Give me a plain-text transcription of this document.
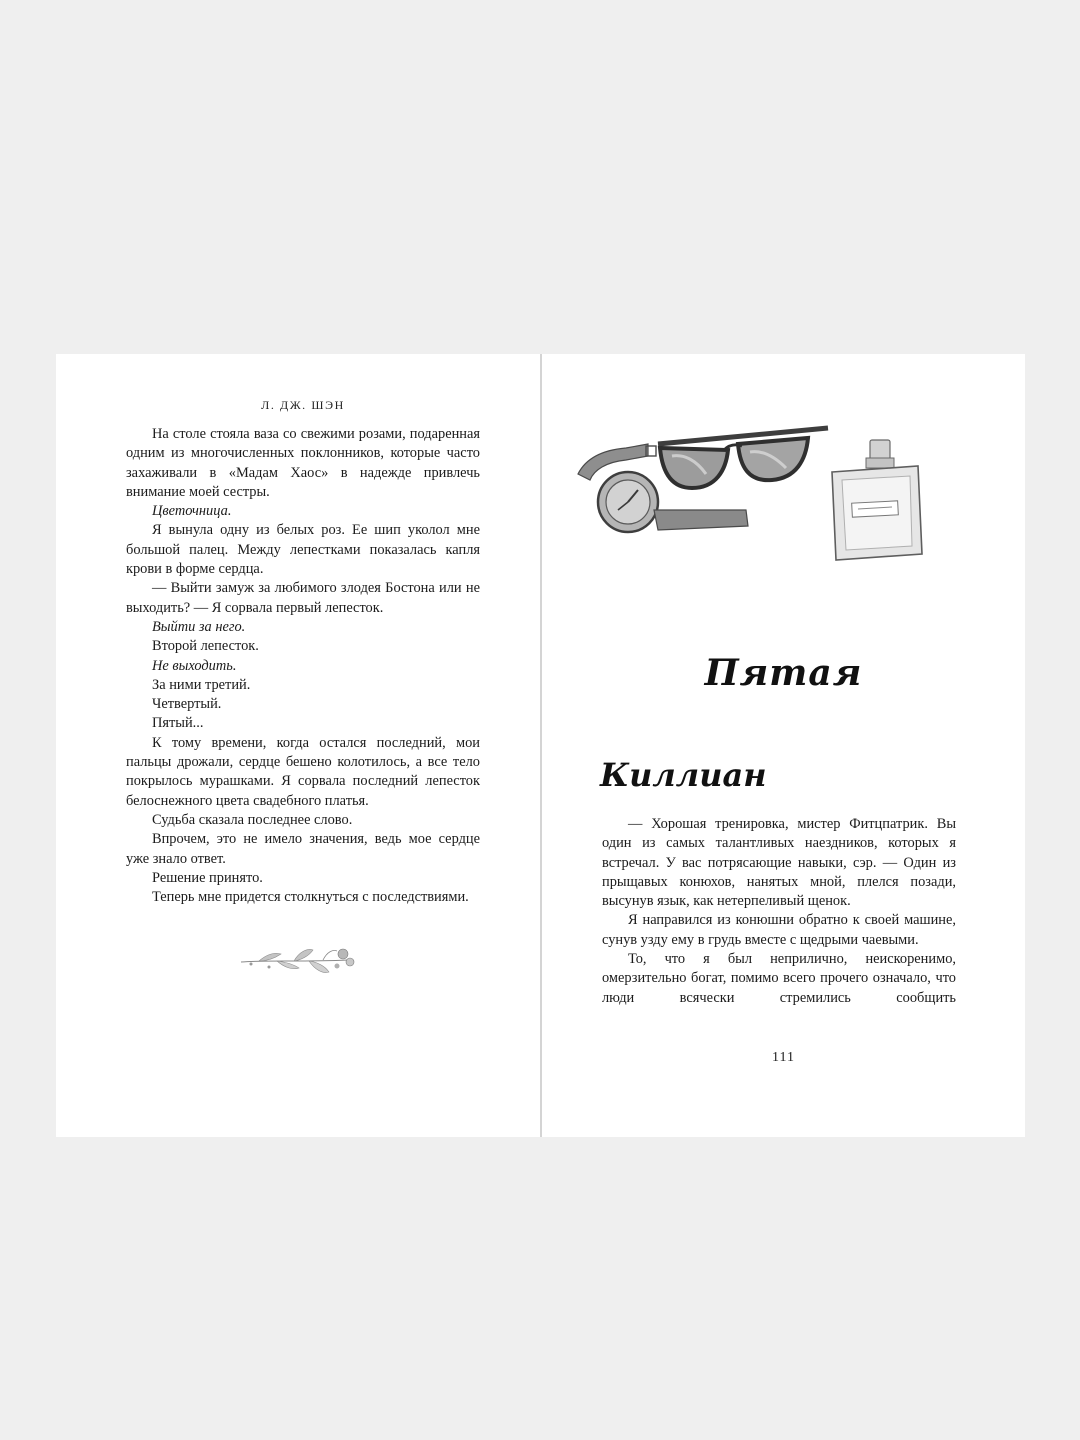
Л. ДЖ. ШЭН

На столе стояла ваза со свежими розами, подаренная одним из многочисленных поклонников, которые часто захаживали в «Мадам Хаос» в надежде привлечь внимание моей сестры.

Цветочница.

Я вынула одну из белых роз. Ее шип уколол мне большой палец. Между лепестками показалась капля крови в форме сердца.

— Выйти замуж за любимого злодея Бостона или не выходить? — Я сорвала первый лепесток.

Выйти за него.

Второй лепесток.

Не выходить.

За ними третий.

Четвертый.

Пятый...

К тому времени, когда остался последний, мои пальцы дрожали, сердце бешено колотилось, а все тело покрылось мурашками. Я сорвала последний лепесток белоснежного цвета свадебного платья.

Судьба сказала последнее слово.

Впрочем, это не имело значения, ведь мое сердце уже знало ответ.

Решение принято.

Теперь мне придется столкнуться с последствиями.

Пятая
Киллиан

— Хорошая тренировка, мистер Фитцпатрик. Вы один из самых талантливых наездников, которых я встречал. У вас потрясающие навыки, сэр. — Один из прыщавых конюхов, нанятых мной, плелся позади, высунув язык, как нетерпеливый щенок.

Я направился из конюшни обратно к своей машине, сунув узду ему в грудь вместе с щедрыми чаевыми.

То, что я был неприлично, неискоренимо, омерзительно богат, помимо всего прочего означало, что люди всячески стремились сообщить

111
